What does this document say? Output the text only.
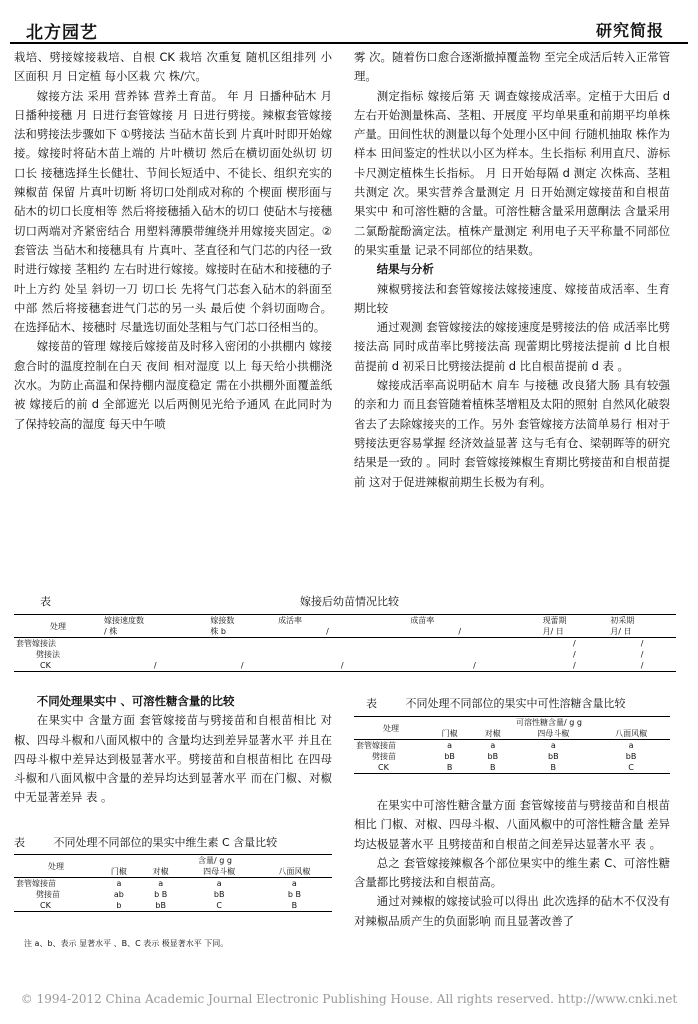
北方园艺	研究简报

栽培、劈接嫁接栽培、自根 CK 栽培 次重复 随机区组排列 小区面积 月 日定植 每小区栽 穴 株/穴。

嫁接方法 采用 营养钵 营养土育苗。 年 月 日播种砧木 月 日播种接穗 月 日进行套管嫁接 月 日进行劈接。辣椒套管嫁接法和劈接法步骤如下 ①劈接法 当砧木苗长到 片真叶时即开始嫁接。嫁接时将砧木苗上端的 片叶横切 然后在横切面处纵切 切口长 接穗选择生长健壮、节间长短适中、不徒长、组织充实的辣椒苗 保留 片真叶切断 将切口处削成对称的 个楔面 楔形面与砧木的切口长度相等 然后将接穗插入砧木的切口 使砧木与接穗切口两端对齐紧密结合 用塑料薄膜带缠绕并用嫁接夹固定。②套管法 当砧木和接穗具有 片真叶、茎直径和气门芯的内径一致时进行嫁接 茎粗约 左右时进行嫁接。嫁接时在砧木和接穗的子叶上方约 处呈 斜切一刀 切口长 先将气门芯套入砧木的斜面至中部 然后将接穗套进气门芯的另一头 最后使 个斜切面吻合。在选择砧木、接穗时 尽量选切面处茎粗与气门芯口径相当的。

嫁接苗的管理 嫁接后嫁接苗及时移入密闭的小拱棚内 嫁接愈合时的温度控制在白天 夜间 相对湿度 以上 每天给小拱棚浇 次水。为防止高温和保持棚内湿度稳定 需在小拱棚外面覆盖纸被 嫁接后的前 d 全部遮光 以后两侧见光给予通风 在此同时为了保持较高的湿度 每天中午喷

雾 次。随着伤口愈合逐渐撤掉覆盖物 至完全成活后转入正常管理。

测定指标 嫁接后第 天 调查嫁接成活率。定植于大田后 d 左右开始测量株高、茎粗、开展度 平均单果重和前期平均单株产量。田间性状的测量以每个处理小区中间 行随机抽取 株作为样本 田间鉴定的性状以小区为样本。生长指标 利用直尺、游标卡尺测定植株生长指标。 月 日开始每隔 d 测定 次株高、茎粗 共测定 次。果实营养含量测定 月 日开始测定嫁接苗和自根苗果实中 和可溶性糖的含量。可溶性糖含量采用蒽酮法 含量采用 二氯酚靛酚滴定法。植株产量测定 利用电子天平称量不同部位的果实重量 记录不同部位的结果数。

结果与分析

辣椒劈接法和套管嫁接法嫁接速度、嫁接苗成活率、生育期比较

通过观测 套管嫁接法的嫁接速度是劈接法的倍 成活率比劈接法高 同时成苗率比劈接法高 现蕾期比劈接法提前 d 比自根苗提前 d 初采日比劈接法提前 d 比自根苗提前 d 表 。

嫁接成活率高说明砧木 肩车 与接穗 改良猪大肠 具有较强的亲和力 而且套管随着植株茎增粗及太阳的照射 自然风化破裂 省去了去除嫁接夹的工作。另外 套管嫁接方法简单易行 相对于劈接法更容易掌握 经济效益显著 这与毛有仓、梁朝晖等的研究结果是一致的 。同时 套管嫁接辣椒生育期比劈接苗和自根苗提前 这对于促进辣椒前期生长极为有利。

表	嫁接后幼苗情况比较
处理	嫁接速度数	嫁接数	成活率	成苗率	现蕾期	初采期
	/ 株	株 b	/	/	月/ 日	月/ 日
套管嫁接法					/	/
劈接法					/	/
CK	/	/	/	/	/	/

不同处理果实中 、可溶性糖含量的比较

在果实中 含量方面 套管嫁接苗与劈接苗和自根苗相比 对椒、四母斗椒和八面风椒中的 含量均达到差异显著水平 并且在四母斗椒中差异达到极显著水平。劈接苗和自根苗相比 在四母斗椒和八面风椒中含量的差异均达到显著水平 而在门椒、对椒中无显著差异 表 。

表	不同处理不同部位的果实中维生素 C 含量比较
处理	含量/ g g			
	门椒	对椒	四母斗椒	八面风椒
套管嫁接苗	a	a	a	a
劈接苗	ab	b B	bB	b B
CK	b	bB	C	B
注 a、b、表示 显著水平 、B、C 表示 极显著水平 下同。
表	不同处理不同部位的果实中可性溶糖含量比较
处理	可溶性糖含量/ g g			
	门椒	对椒	四母斗椒	八面风椒
套管嫁接苗	a	a	a	a
劈接苗	bB	bB	bB	bB
CK	B	B	B	C

在果实中可溶性糖含量方面 套管嫁接苗与劈接苗和自根苗相比 门椒、对椒、四母斗椒、八面风椒中的可溶性糖含量 差异均达极显著水平 且劈接苗和自根苗之间差异达显著水平 表 。

总之 套管嫁接辣椒各个部位果实中的维生素 C、可溶性糖含量都比劈接法和自根苗高。

通过对辣椒的嫁接试验可以得出 此次选择的砧木不仅没有对辣椒品质产生的负面影响 而且显著改善了

© 1994-2012 China Academic Journal Electronic Publishing House. All rights reserved. http://www.cnki.net
